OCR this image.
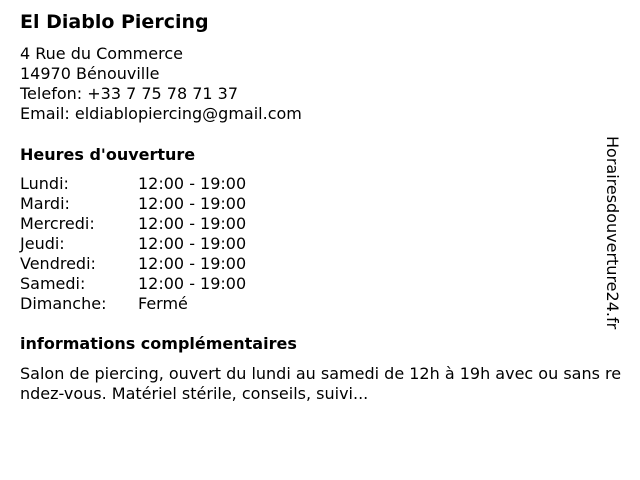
El Diablo Piercing
4 Rue du Commerce
14970 Bénouville
Telefon: +33 7 75 78 71 37
Email: eldiablopiercing@gmail.com
Heures d'ouverture
Lundi:	12:00 - 19:00
Mardi:	12:00 - 19:00
Mercredi:	12:00 - 19:00
Jeudi:	12:00 - 19:00
Vendredi:	12:00 - 19:00
Samedi:	12:00 - 19:00
Dimanche:	Fermé
informations complémentaires
Salon de piercing, ouvert du lundi au samedi de 12h à 19h avec ou sans rendez-vous. Matériel stérile, conseils, suivi...
Horairesdouverture24.fr
